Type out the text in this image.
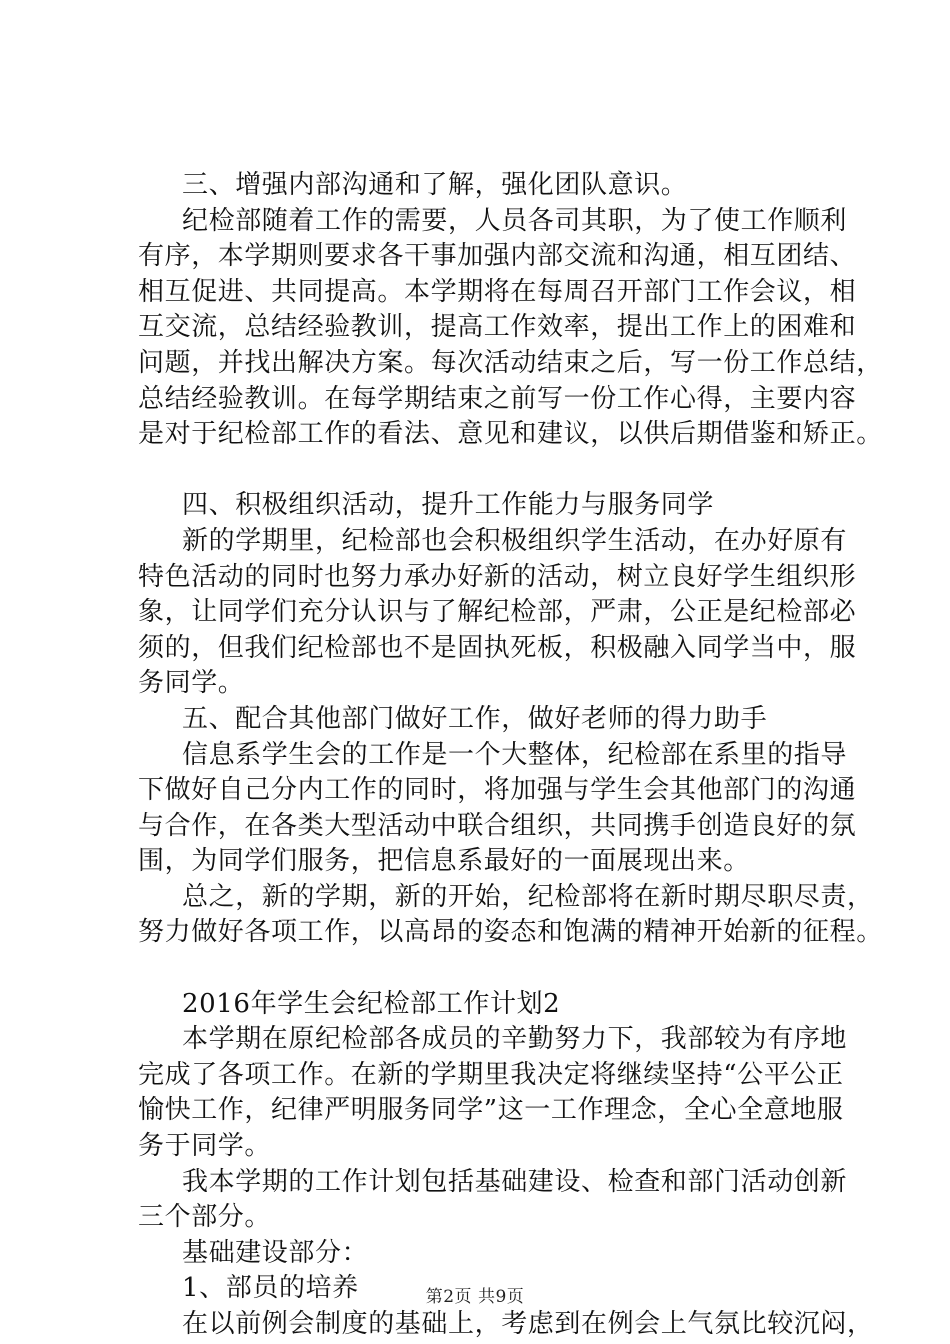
三、增强内部沟通和了解，强化团队意识。
纪检部随着工作的需要，人员各司其职，为了使工作顺利
有序，本学期则要求各干事加强内部交流和沟通，相互团结、
相互促进、共同提高。本学期将在每周召开部门工作会议，相
互交流，总结经验教训，提高工作效率，提出工作上的困难和
问题，并找出解决方案。每次活动结束之后，写一份工作总结，
总结经验教训。在每学期结束之前写一份工作心得，主要内容
是对于纪检部工作的看法、意见和建议，以供后期借鉴和矫正。
四、积极组织活动，提升工作能力与服务同学
新的学期里，纪检部也会积极组织学生活动，在办好原有
特色活动的同时也努力承办好新的活动，树立良好学生组织形
象，让同学们充分认识与了解纪检部，严肃，公正是纪检部必
须的，但我们纪检部也不是固执死板，积极融入同学当中，服
务同学。
五、配合其他部门做好工作，做好老师的得力助手
信息系学生会的工作是一个大整体，纪检部在系里的指导
下做好自己分内工作的同时，将加强与学生会其他部门的沟通
与合作，在各类大型活动中联合组织，共同携手创造良好的氛
围，为同学们服务，把信息系最好的一面展现出来。
总之，新的学期，新的开始，纪检部将在新时期尽职尽责，
努力做好各项工作，以高昂的姿态和饱满的精神开始新的征程。
2016年学生会纪检部工作计划2
本学期在原纪检部各成员的辛勤努力下，我部较为有序地
完成了各项工作。在新的学期里我决定将继续坚持“公平公正
愉快工作，纪律严明服务同学”这一工作理念，全心全意地服
务于同学。
我本学期的工作计划包括基础建设、检查和部门活动创新
三个部分。
基础建设部分：
1、部员的培养
在以前例会制度的基础上，考虑到在例会上气氛比较沉闷，
第2页 共9页
